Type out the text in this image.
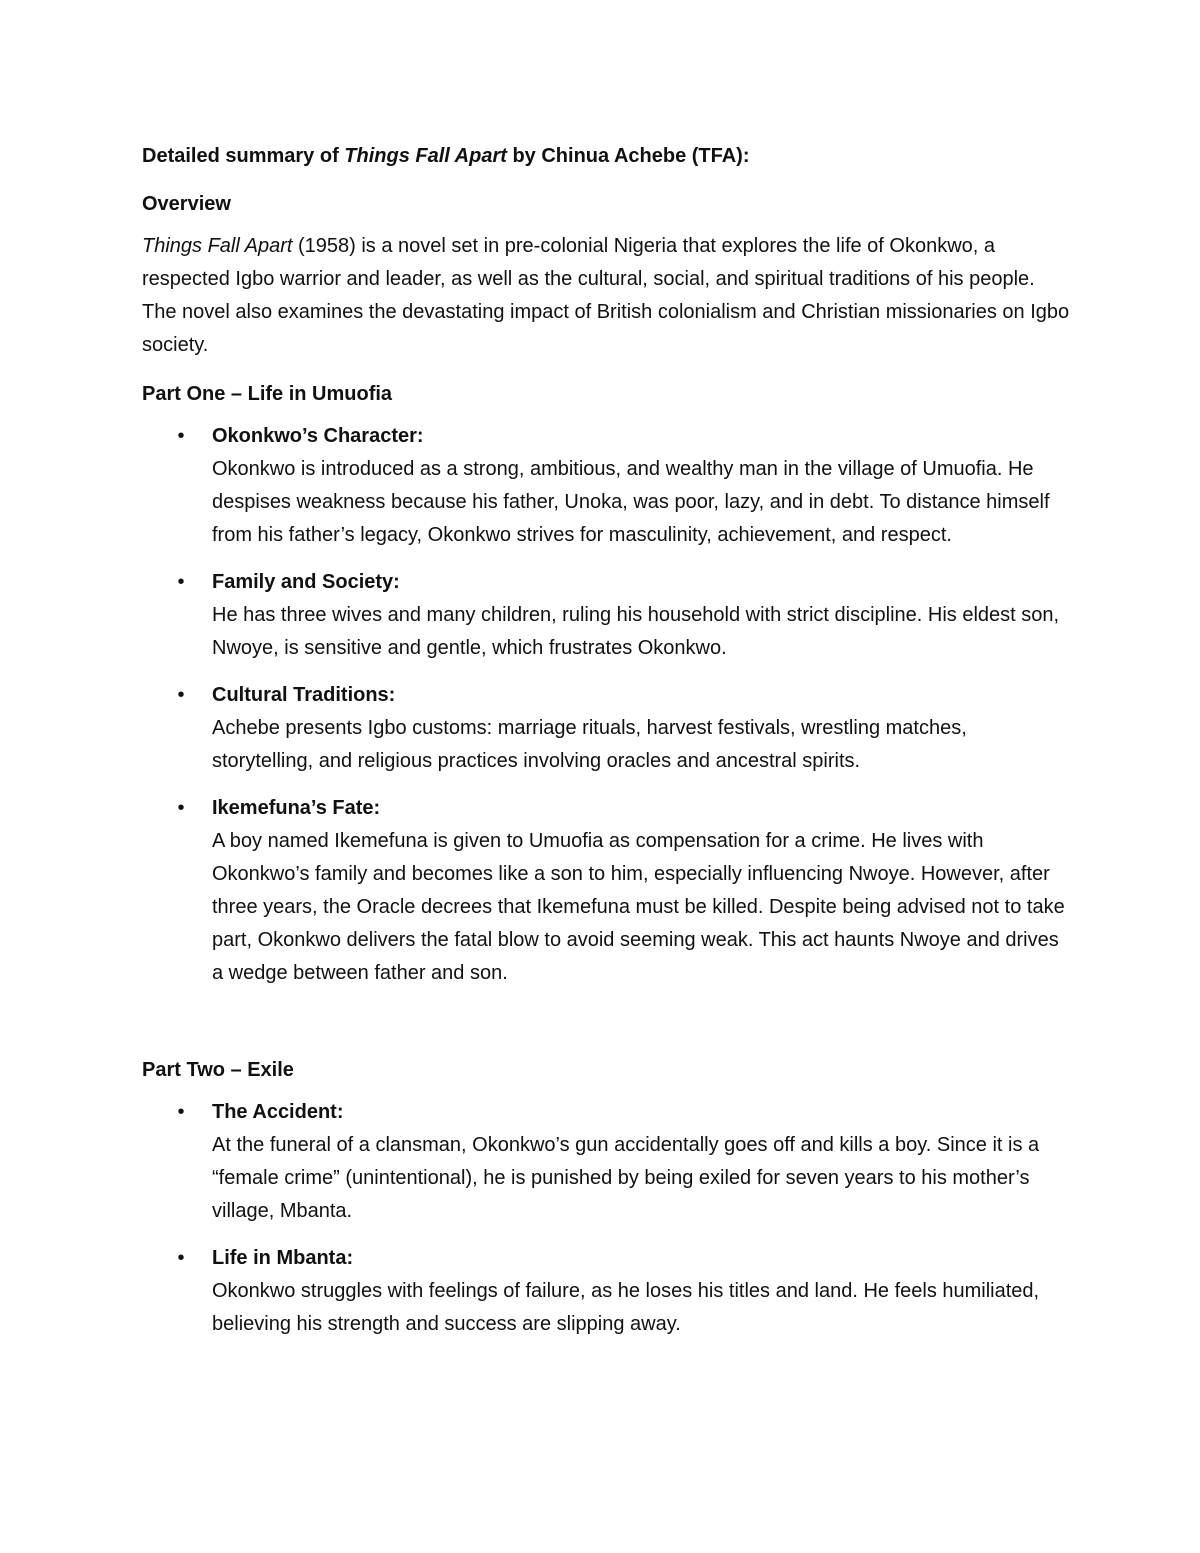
Detailed summary of Things Fall Apart by Chinua Achebe (TFA):

Overview

Things Fall Apart (1958) is a novel set in pre-colonial Nigeria that explores the life of Okonkwo, a respected Igbo warrior and leader, as well as the cultural, social, and spiritual traditions of his people. The novel also examines the devastating impact of British colonialism and Christian missionaries on Igbo society.

Part One – Life in Umuofia

• Okonkwo’s Character:
Okonkwo is introduced as a strong, ambitious, and wealthy man in the village of Umuofia. He despises weakness because his father, Unoka, was poor, lazy, and in debt. To distance himself from his father’s legacy, Okonkwo strives for masculinity, achievement, and respect.
• Family and Society:
He has three wives and many children, ruling his household with strict discipline. His eldest son, Nwoye, is sensitive and gentle, which frustrates Okonkwo.
• Cultural Traditions:
Achebe presents Igbo customs: marriage rituals, harvest festivals, wrestling matches, storytelling, and religious practices involving oracles and ancestral spirits.
• Ikemefuna’s Fate:
A boy named Ikemefuna is given to Umuofia as compensation for a crime. He lives with Okonkwo’s family and becomes like a son to him, especially influencing Nwoye. However, after three years, the Oracle decrees that Ikemefuna must be killed. Despite being advised not to take part, Okonkwo delivers the fatal blow to avoid seeming weak. This act haunts Nwoye and drives a wedge between father and son.

Part Two – Exile

• The Accident:
At the funeral of a clansman, Okonkwo’s gun accidentally goes off and kills a boy. Since it is a “female crime” (unintentional), he is punished by being exiled for seven years to his mother’s village, Mbanta.
• Life in Mbanta:
Okonkwo struggles with feelings of failure, as he loses his titles and land. He feels humiliated, believing his strength and success are slipping away.
